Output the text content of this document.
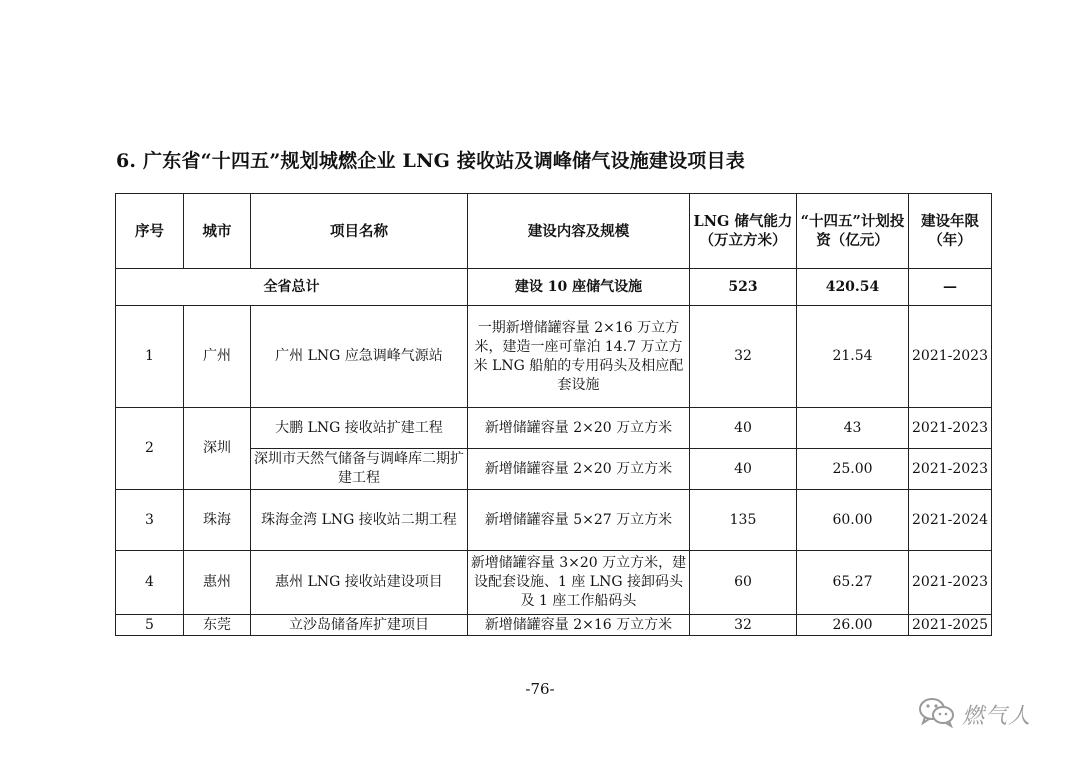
6. 广东省“十四五”规划城燃企业 LNG 接收站及调峰储气设施建设项目表
序号	城市	项目名称	建设内容及规模	LNG 储气能力（万立方米）	“十四五”计划投资（亿元）	建设年限（年）
全省总计			建设 10 座储气设施	523	420.54	—
1	广州	广州 LNG 应急调峰气源站	一期新增储罐容量 2×16 万立方米，建造一座可靠泊 14.7 万立方米 LNG 船舶的专用码头及相应配套设施	32	21.54	2021-2023
2	深圳	大鹏 LNG 接收站扩建工程	新增储罐容量 2×20 万立方米	40	43	2021-2023
		深圳市天然气储备与调峰库二期扩建工程	新增储罐容量 2×20 万立方米	40	25.00	2021-2023
3	珠海	珠海金湾 LNG 接收站二期工程	新增储罐容量 5×27 万立方米	135	60.00	2021-2024
4	惠州	惠州 LNG 接收站建设项目	新增储罐容量 3×20 万立方米，建设配套设施、1 座 LNG 接卸码头及 1 座工作船码头	60	65.27	2021-2023
5	东莞	立沙岛储备库扩建项目	新增储罐容量 2×16 万立方米	32	26.00	2021-2025
-76-
燃气人
